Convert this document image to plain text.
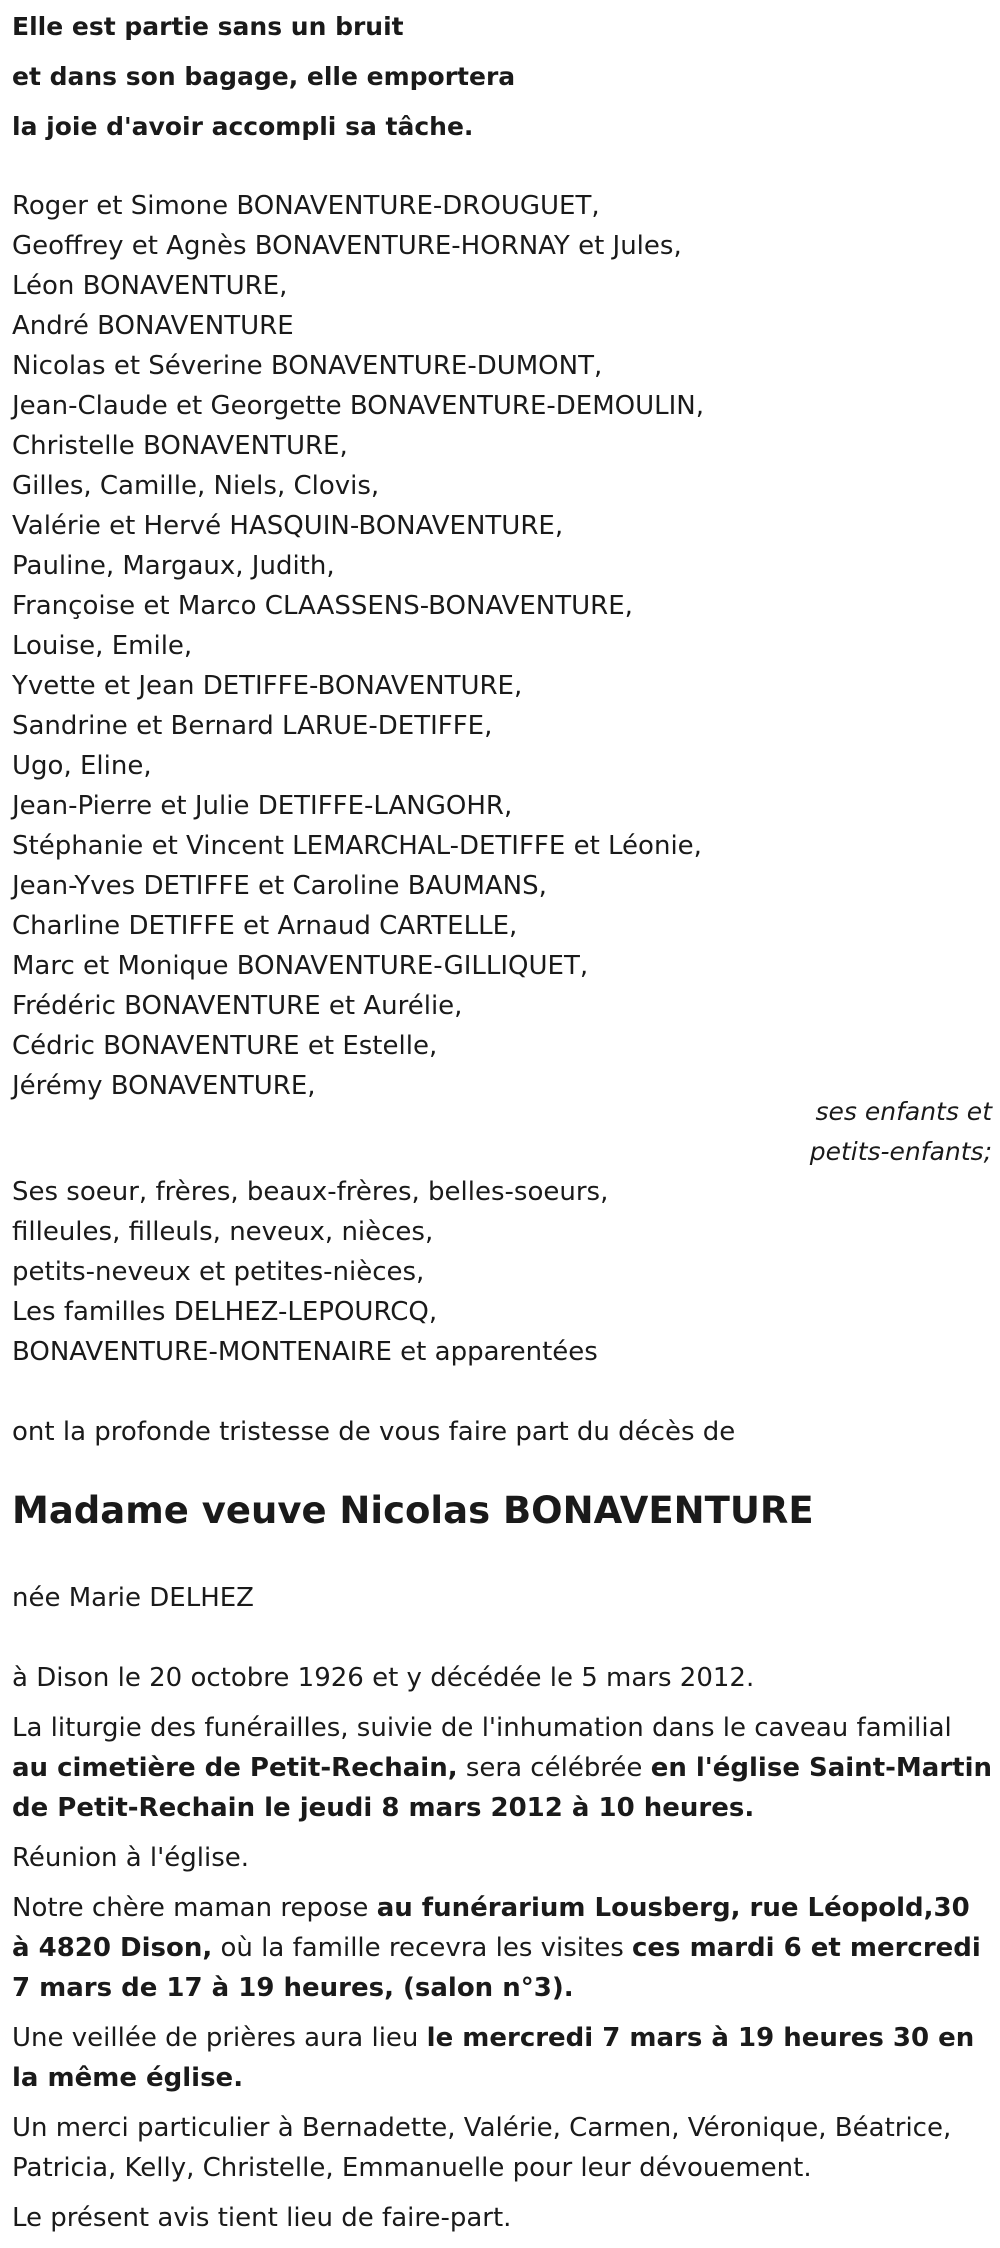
Elle est partie sans un bruit
et dans son bagage, elle emportera
la joie d'avoir accompli sa tâche.
Roger et Simone BONAVENTURE-DROUGUET,
Geoffrey et Agnès BONAVENTURE-HORNAY et Jules,
Léon BONAVENTURE,
André BONAVENTURE
Nicolas et Séverine BONAVENTURE-DUMONT,
Jean-Claude et Georgette BONAVENTURE-DEMOULIN,
Christelle BONAVENTURE,
Gilles, Camille, Niels, Clovis,
Valérie et Hervé HASQUIN-BONAVENTURE,
Pauline, Margaux, Judith,
Françoise et Marco CLAASSENS-BONAVENTURE,
Louise, Emile,
Yvette et Jean DETIFFE-BONAVENTURE,
Sandrine et Bernard LARUE-DETIFFE,
Ugo, Eline,
Jean-Pierre et Julie DETIFFE-LANGOHR,
Stéphanie et Vincent LEMARCHAL-DETIFFE et Léonie,
Jean-Yves DETIFFE et Caroline BAUMANS,
Charline DETIFFE et Arnaud CARTELLE,
Marc et Monique BONAVENTURE-GILLIQUET,
Frédéric BONAVENTURE et Aurélie,
Cédric BONAVENTURE et Estelle,
Jérémy BONAVENTURE,
ses enfants et
petits-enfants;
Ses soeur, frères, beaux-frères, belles-soeurs,
filleules, filleuls, neveux, nièces,
petits-neveux et petites-nièces,
Les familles DELHEZ-LEPOURCQ,
BONAVENTURE-MONTENAIRE et apparentées
ont la profonde tristesse de vous faire part du décès de
Madame veuve Nicolas BONAVENTURE
née Marie DELHEZ
à Dison le 20 octobre 1926 et y décédée le 5 mars 2012.
La liturgie des funérailles, suivie de l'inhumation dans le caveau familial au cimetière de Petit-Rechain, sera célébrée en l'église Saint-Martin de Petit-Rechain le jeudi 8 mars 2012 à 10 heures.
Réunion à l'église.
Notre chère maman repose au funérarium Lousberg, rue Léopold,30 à 4820 Dison, où la famille recevra les visites ces mardi 6 et mercredi 7 mars de 17 à 19 heures, (salon n°3).
Une veillée de prières aura lieu le mercredi 7 mars à 19 heures 30 en la même église.
Un merci particulier à Bernadette, Valérie, Carmen, Véronique, Béatrice, Patricia, Kelly, Christelle, Emmanuelle pour leur dévouement.
Le présent avis tient lieu de faire-part.
